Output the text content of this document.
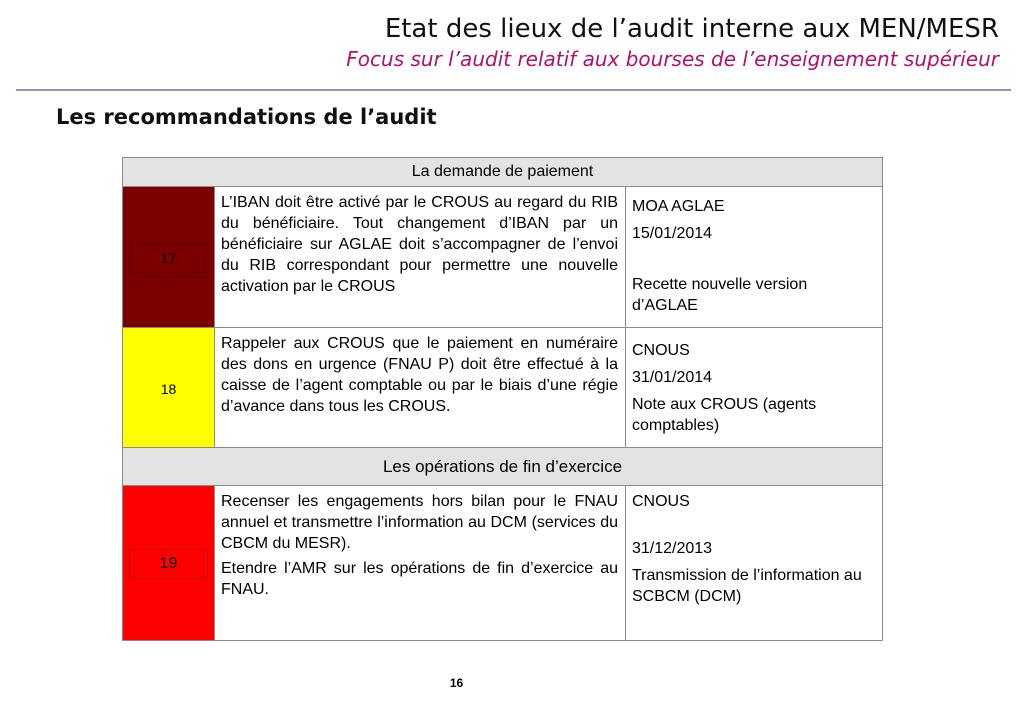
Etat des lieux de l’audit interne aux MEN/MESR
Focus sur l’audit relatif aux bourses de l’enseignement supérieur
Les recommandations de l’audit
La demande de paiement
17

L’IBAN doit être activé par le CROUS au regard du RIB du bénéficiaire. Tout changement d’IBAN par un bénéficiaire sur AGLAE doit s’accompagner de l’envoi du RIB correspondant pour permettre une nouvelle activation par le CROUS

MOA AGLAE
15/01/2014
Recette nouvelle version d’AGLAE
18

Rappeler aux CROUS que le paiement en numéraire des dons en urgence (FNAU P) doit être effectué à la caisse de l’agent comptable ou par le biais d’une régie d’avance dans tous les CROUS.

CNOUS
31/01/2014
Note aux CROUS (agents comptables)
Les opérations de fin d’exercice
19

Recenser les engagements hors bilan pour le FNAU annuel et transmettre l’information au DCM (services du CBCM du MESR).

Etendre l’AMR sur les opérations de fin d’exercice au FNAU.

CNOUS
31/12/2013
Transmission de l’information au SCBCM (DCM)
16
